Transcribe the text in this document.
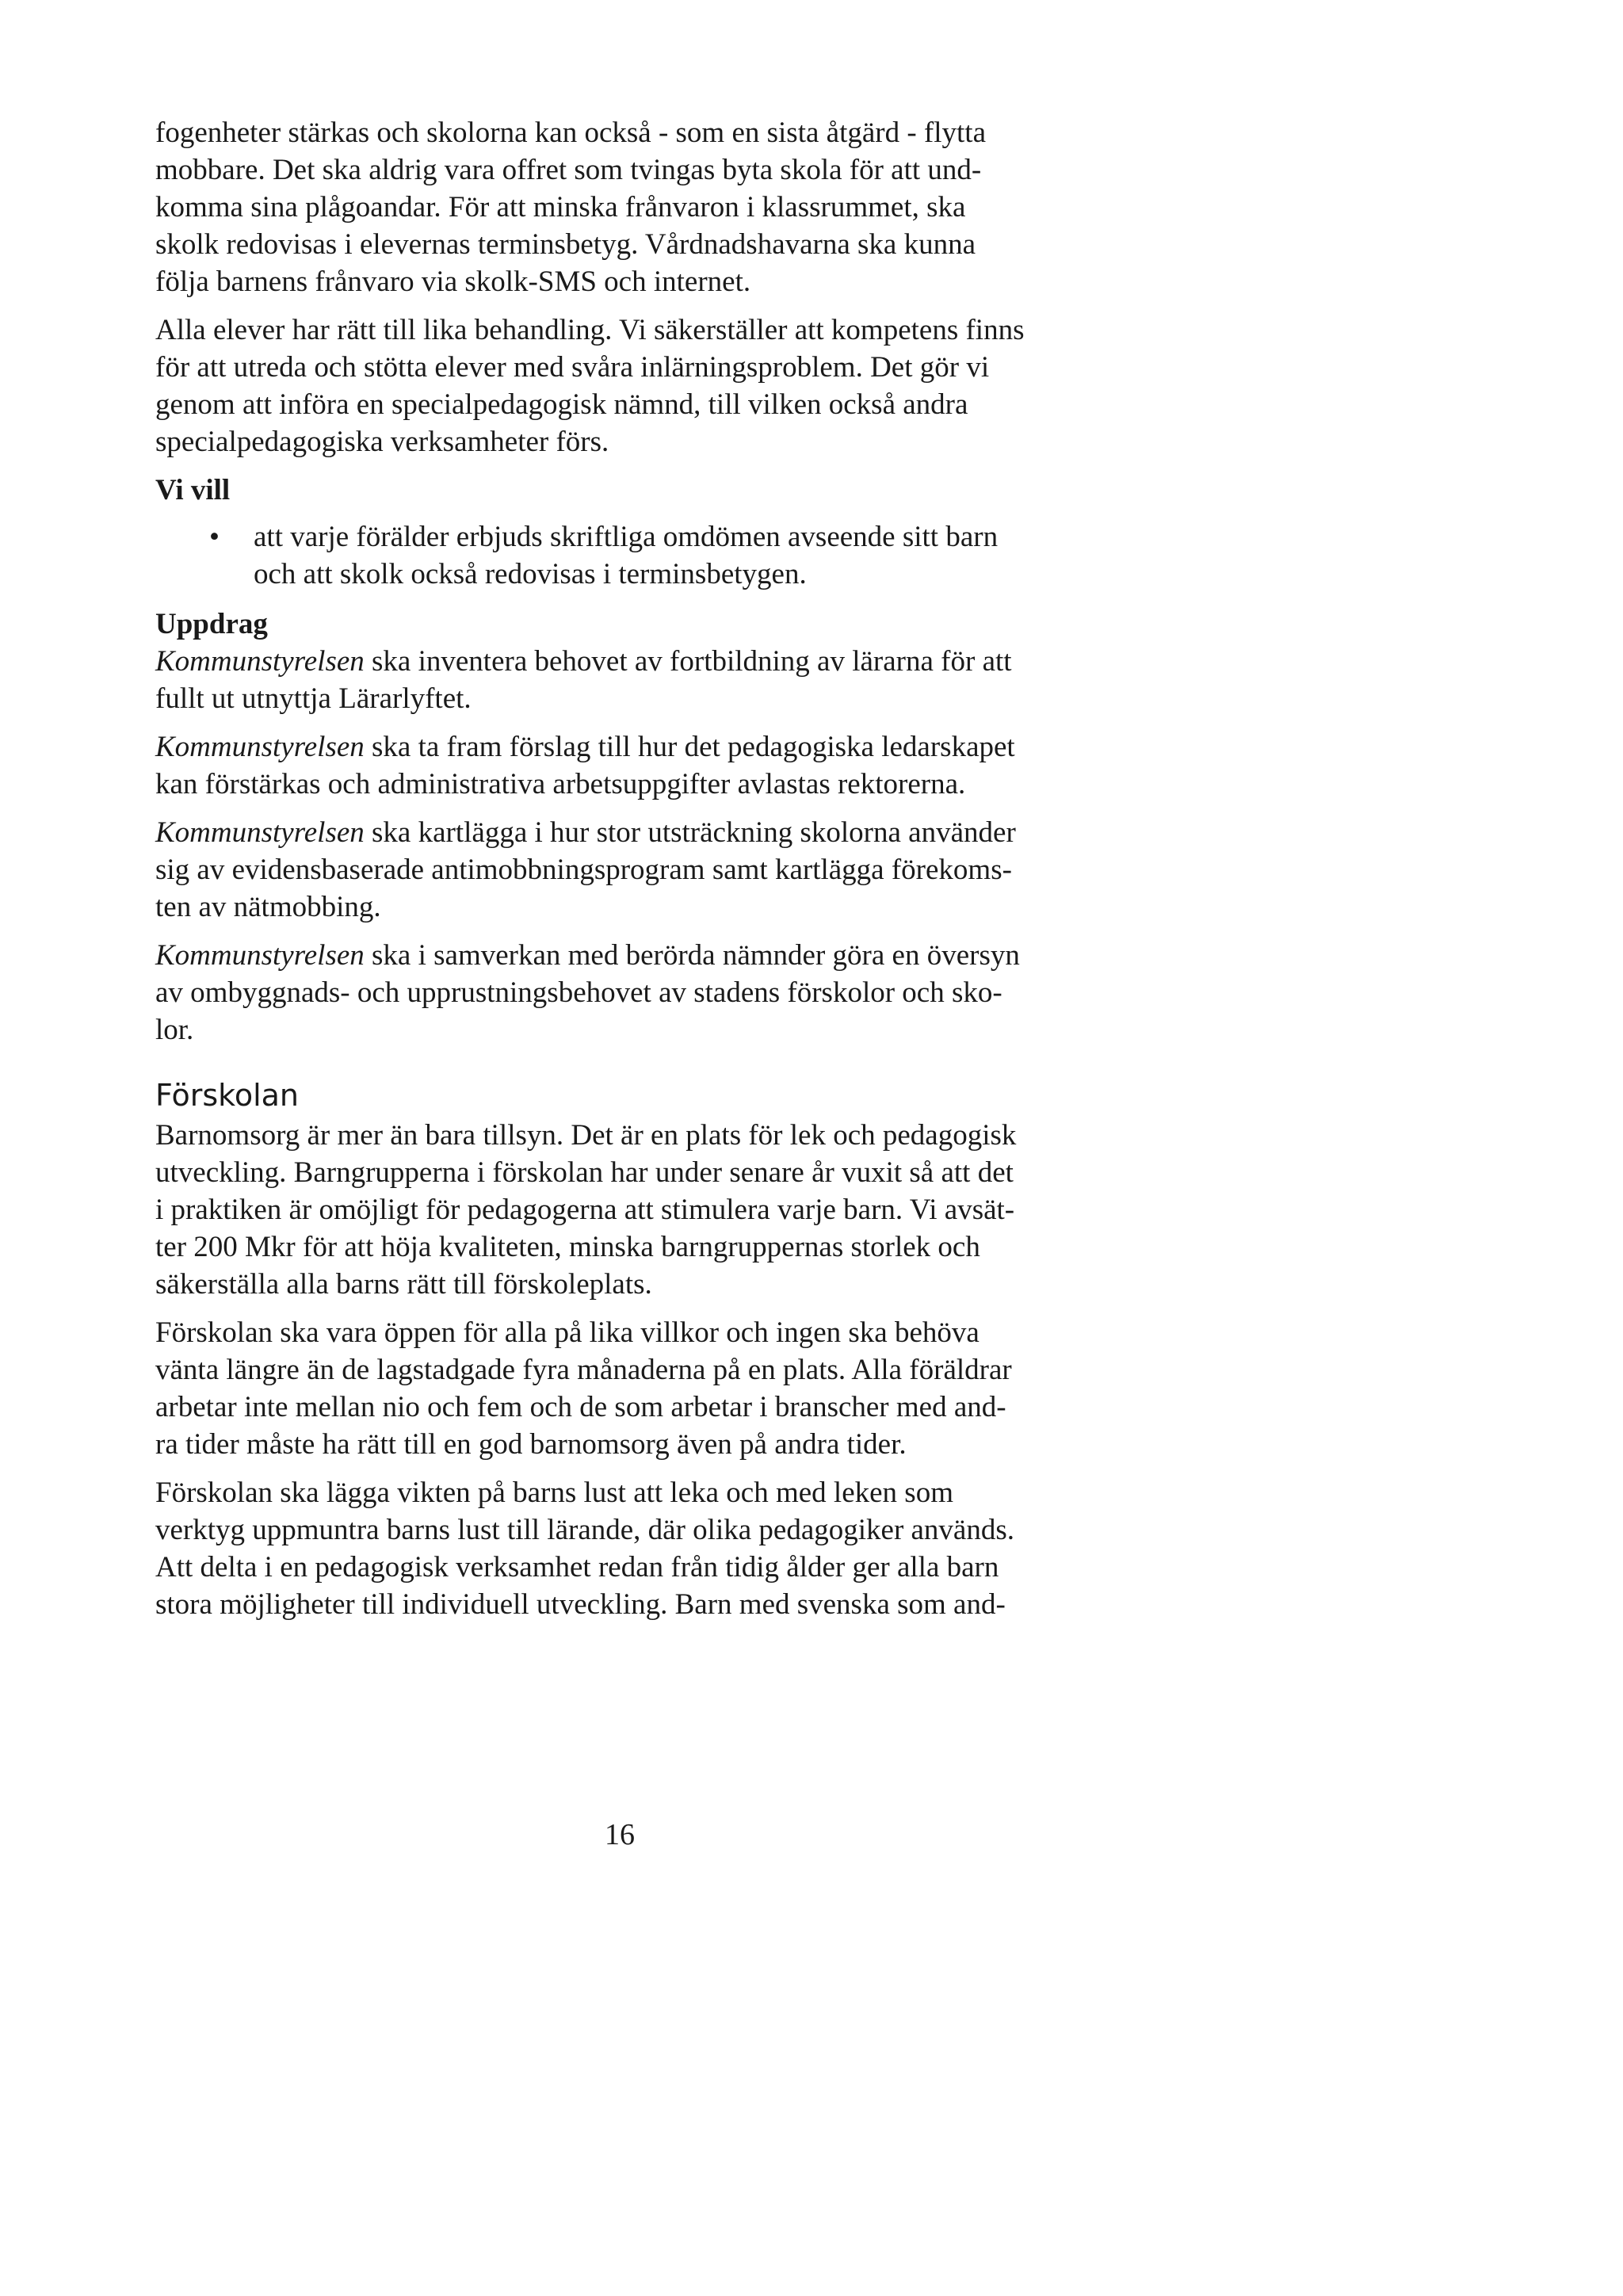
fogenheter stärkas och skolorna kan också - som en sista åtgärd - flytta
mobbare. Det ska aldrig vara offret som tvingas byta skola för att und-
komma sina plågoandar. För att minska frånvaron i klassrummet, ska
skolk redovisas i elevernas terminsbetyg. Vårdnadshavarna ska kunna
följa barnens frånvaro via skolk-SMS och internet.
Alla elever har rätt till lika behandling. Vi säkerställer att kompetens finns
för att utreda och stötta elever med svåra inlärningsproblem. Det gör vi
genom att införa en specialpedagogisk nämnd, till vilken också andra
specialpedagogiska verksamheter förs.
Vi vill
• att varje förälder erbjuds skriftliga omdömen avseende sitt barn
och att skolk också redovisas i terminsbetygen.
Uppdrag
Kommunstyrelsen ska inventera behovet av fortbildning av lärarna för att
fullt ut utnyttja Lärarlyftet.
Kommunstyrelsen ska ta fram förslag till hur det pedagogiska ledarskapet
kan förstärkas och administrativa arbetsuppgifter avlastas rektorerna.
Kommunstyrelsen ska kartlägga i hur stor utsträckning skolorna använder
sig av evidensbaserade antimobbningsprogram samt kartlägga förekoms-
ten av nätmobbing.
Kommunstyrelsen ska i samverkan med berörda nämnder göra en översyn
av ombyggnads- och upprustningsbehovet av stadens förskolor och sko-
lor.
Förskolan
Barnomsorg är mer än bara tillsyn. Det är en plats för lek och pedagogisk
utveckling. Barngrupperna i förskolan har under senare år vuxit så att det
i praktiken är omöjligt för pedagogerna att stimulera varje barn. Vi avsät-
ter 200 Mkr för att höja kvaliteten, minska barngruppernas storlek och
säkerställa alla barns rätt till förskoleplats.
Förskolan ska vara öppen för alla på lika villkor och ingen ska behöva
vänta längre än de lagstadgade fyra månaderna på en plats. Alla föräldrar
arbetar inte mellan nio och fem och de som arbetar i branscher med and-
ra tider måste ha rätt till en god barnomsorg även på andra tider.
Förskolan ska lägga vikten på barns lust att leka och med leken som
verktyg uppmuntra barns lust till lärande, där olika pedagogiker används.
Att delta i en pedagogisk verksamhet redan från tidig ålder ger alla barn
stora möjligheter till individuell utveckling. Barn med svenska som and-
16
